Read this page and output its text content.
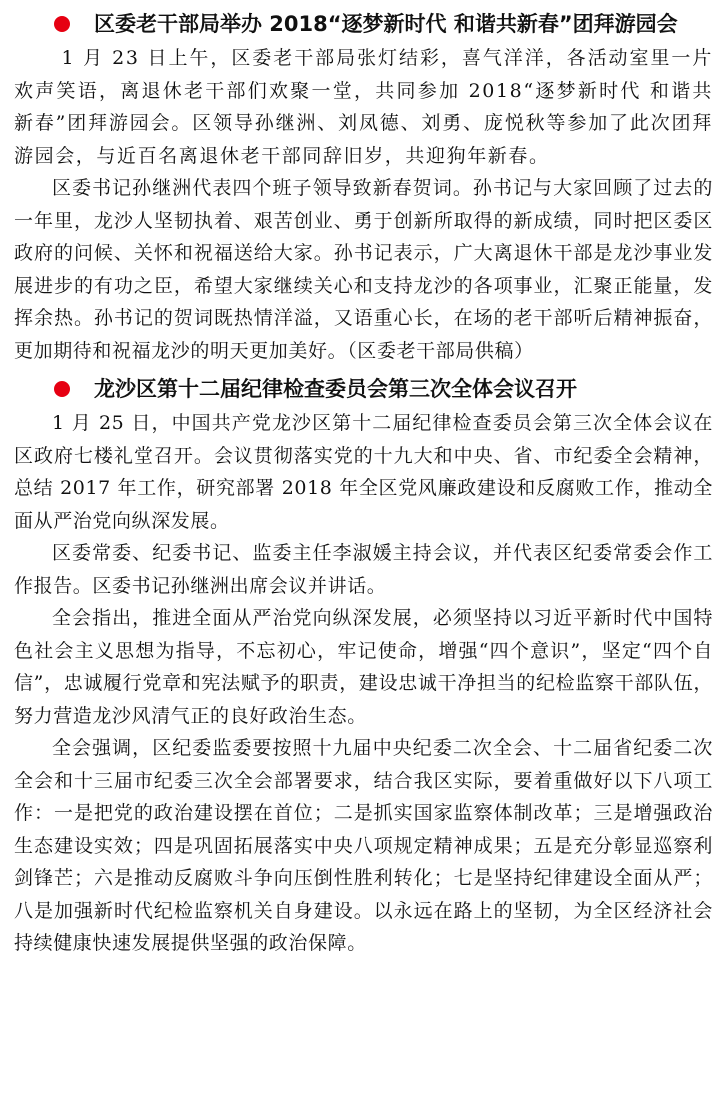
区委老干部局举办 2018“逐梦新时代 和谐共新春”团拜游园会

1 月 23 日上午，区委老干部局张灯结彩，喜气洋洋，各活动室里一片欢声笑语，离退休老干部们欢聚一堂，共同参加 2018“逐梦新时代 和谐共新春”团拜游园会。区领导孙继洲、刘凤德、刘勇、庞悦秋等参加了此次团拜游园会，与近百名离退休老干部同辞旧岁，共迎狗年新春。

区委书记孙继洲代表四个班子领导致新春贺词。孙书记与大家回顾了过去的一年里，龙沙人坚韧执着、艰苦创业、勇于创新所取得的新成绩，同时把区委区政府的问候、关怀和祝福送给大家。孙书记表示，广大离退休干部是龙沙事业发展进步的有功之臣，希望大家继续关心和支持龙沙的各项事业，汇聚正能量，发挥余热。孙书记的贺词既热情洋溢，又语重心长，在场的老干部听后精神振奋，更加期待和祝福龙沙的明天更加美好。（区委老干部局供稿）

龙沙区第十二届纪律检查委员会第三次全体会议召开

1 月 25 日，中国共产党龙沙区第十二届纪律检查委员会第三次全体会议在区政府七楼礼堂召开。会议贯彻落实党的十九大和中央、省、市纪委全会精神，总结 2017 年工作，研究部署 2018 年全区党风廉政建设和反腐败工作，推动全面从严治党向纵深发展。

区委常委、纪委书记、监委主任李淑媛主持会议，并代表区纪委常委会作工作报告。区委书记孙继洲出席会议并讲话。

全会指出，推进全面从严治党向纵深发展，必须坚持以习近平新时代中国特色社会主义思想为指导，不忘初心，牢记使命，增强“四个意识”，坚定“四个自信”，忠诚履行党章和宪法赋予的职责，建设忠诚干净担当的纪检监察干部队伍，努力营造龙沙风清气正的良好政治生态。

全会强调，区纪委监委要按照十九届中央纪委二次全会、十二届省纪委二次全会和十三届市纪委三次全会部署要求，结合我区实际，要着重做好以下八项工作：一是把党的政治建设摆在首位；二是抓实国家监察体制改革；三是增强政治生态建设实效；四是巩固拓展落实中央八项规定精神成果；五是充分彰显巡察利剑锋芒；六是推动反腐败斗争向压倒性胜利转化；七是坚持纪律建设全面从严；八是加强新时代纪检监察机关自身建设。以永远在路上的坚韧，为全区经济社会持续健康快速发展提供坚强的政治保障。
